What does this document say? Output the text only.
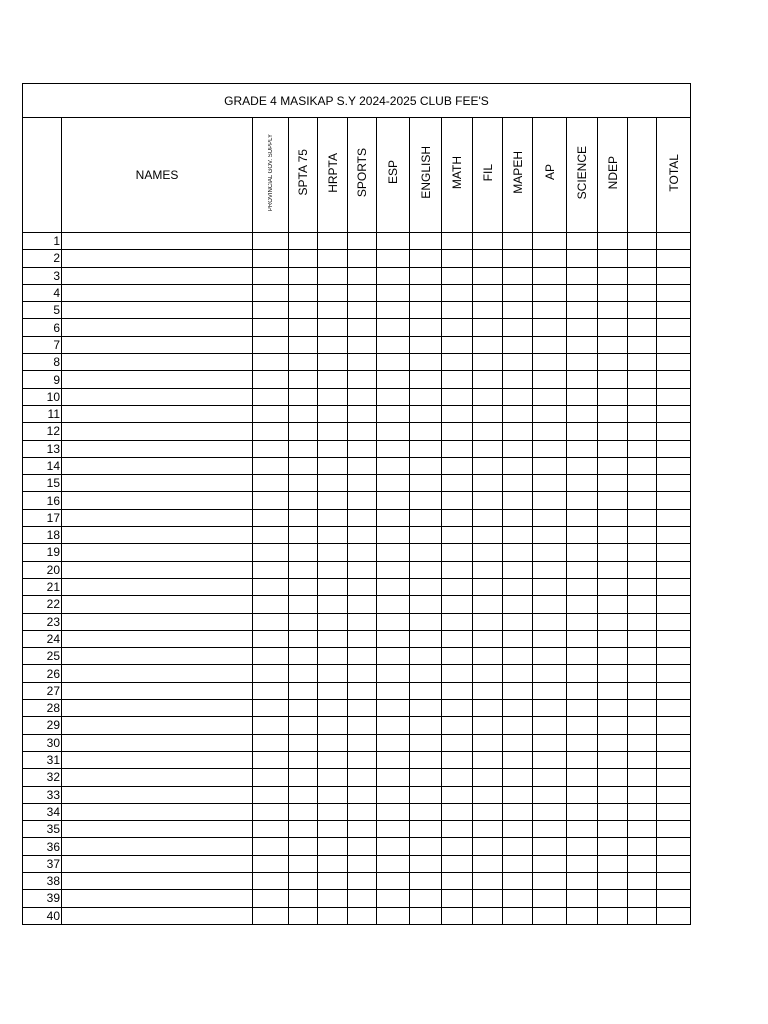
GRADE 4 MASIKAP S.Y 2024-2025 CLUB FEE'S															
	NAMES	PROVINCIAL GOV. SUPPLY	SPTA 75	HRPTA	SPORTS	ESP	ENGLISH	MATH	FIL	MAPEH	AP	SCIENCE	NDEP		TOTAL
1															
2															
3															
4															
5															
6															
7															
8															
9															
10															
11															
12															
13															
14															
15															
16															
17															
18															
19															
20															
21															
22															
23															
24															
25															
26															
27															
28															
29															
30															
31															
32															
33															
34															
35															
36															
37															
38															
39															
40															
